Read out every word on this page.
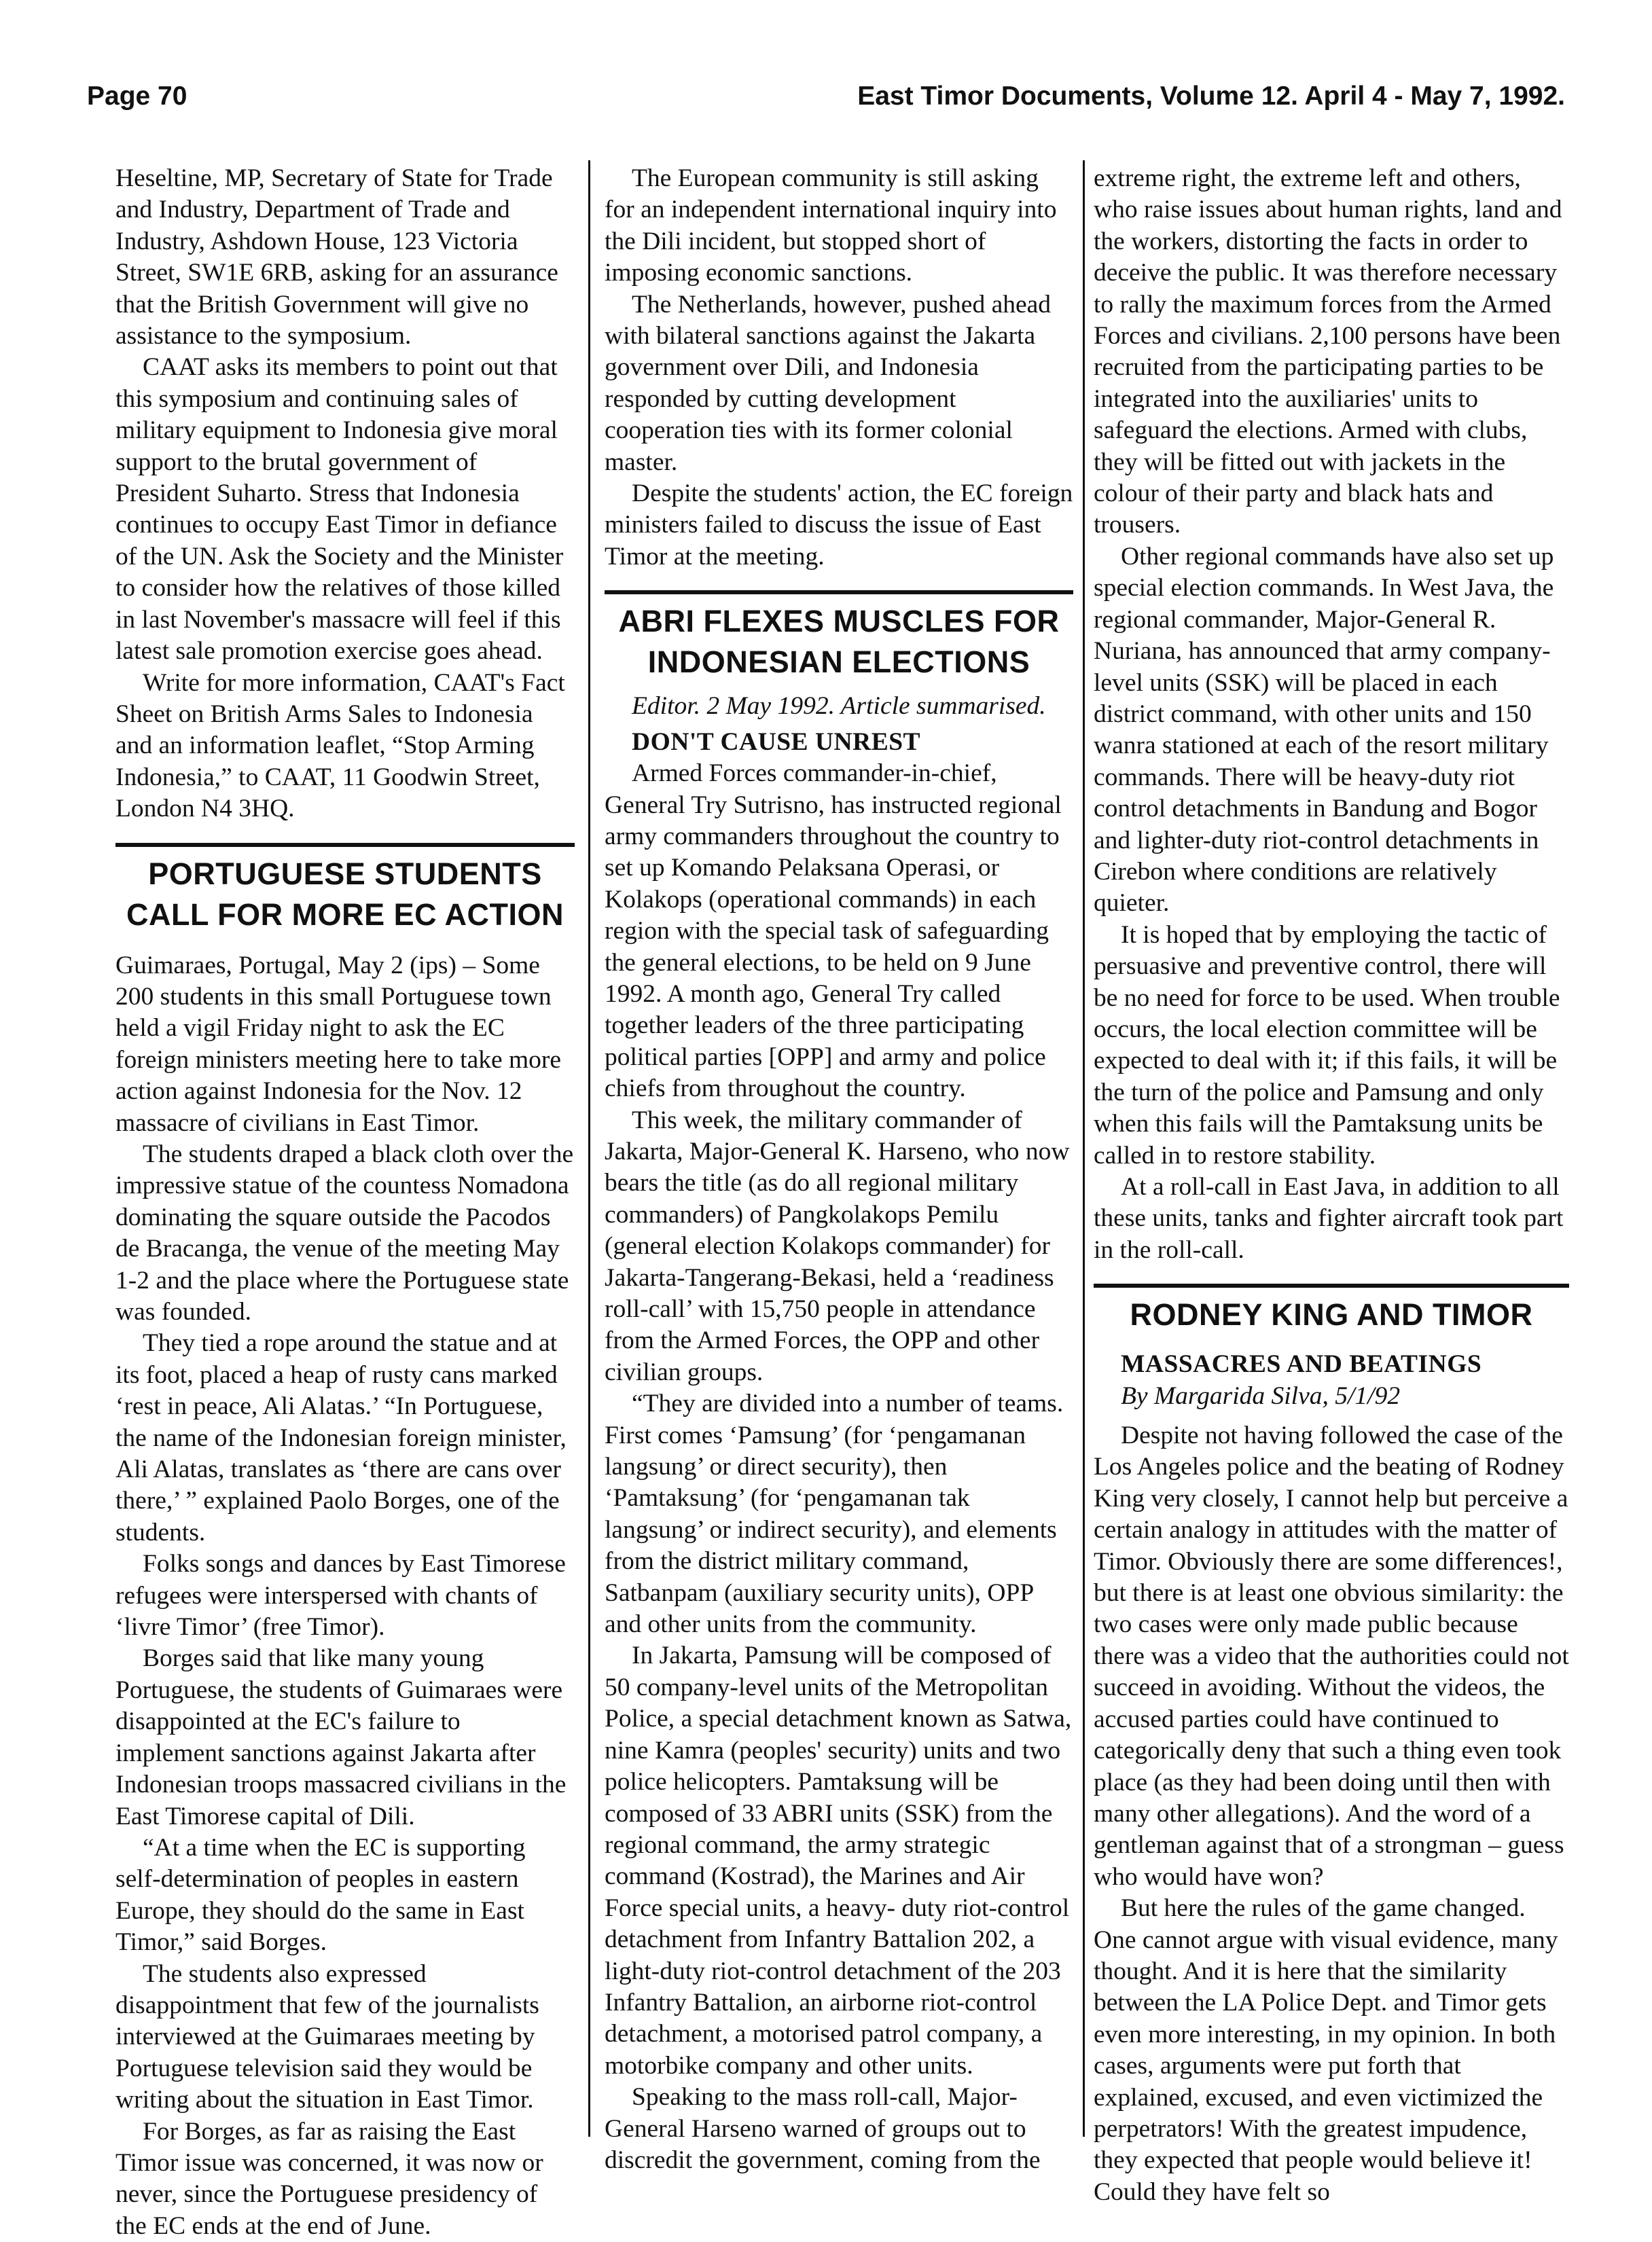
Page 70	East Timor Documents, Volume 12. April 4 - May 7, 1992.

Heseltine, MP, Secretary of State for Trade and Industry, Department of Trade and Industry, Ashdown House, 123 Victoria Street, SW1E 6RB, asking for an assurance that the British Government will give no assistance to the symposium.

CAAT asks its members to point out that this symposium and continuing sales of military equipment to Indonesia give moral support to the brutal government of President Suharto. Stress that Indonesia continues to occupy East Timor in defiance of the UN. Ask the Society and the Minister to consider how the relatives of those killed in last November's massacre will feel if this latest sale promotion exercise goes ahead.

Write for more information, CAAT's Fact Sheet on British Arms Sales to Indonesia and an information leaflet, “Stop Arming Indonesia,” to CAAT, 11 Goodwin Street, London N4 3HQ.

PORTUGUESE STUDENTS CALL FOR MORE EC ACTION

Guimaraes, Portugal, May 2 (ips) – Some 200 students in this small Portuguese town held a vigil Friday night to ask the EC foreign ministers meeting here to take more action against Indonesia for the Nov. 12 massacre of civilians in East Timor.

The students draped a black cloth over the impressive statue of the countess Nomadona dominating the square outside the Pacodos de Bracanga, the venue of the meeting May 1-2 and the place where the Portuguese state was founded.

They tied a rope around the statue and at its foot, placed a heap of rusty cans marked ‘rest in peace, Ali Alatas.’ “In Portuguese, the name of the Indonesian foreign minister, Ali Alatas, translates as ‘there are cans over there,’ ” explained Paolo Borges, one of the students.

Folks songs and dances by East Timorese refugees were interspersed with chants of ‘livre Timor’ (free Timor).

Borges said that like many young Portuguese, the students of Guimaraes were disappointed at the EC's failure to implement sanctions against Jakarta after Indonesian troops massacred civilians in the East Timorese capital of Dili.

“At a time when the EC is supporting self-determination of peoples in eastern Europe, they should do the same in East Timor,” said Borges.

The students also expressed disappointment that few of the journalists interviewed at the Guimaraes meeting by Portuguese television said they would be writing about the situation in East Timor.

For Borges, as far as raising the East Timor issue was concerned, it was now or never, since the Portuguese presidency of the EC ends at the end of June.

The European community is still asking for an independent international inquiry into the Dili incident, but stopped short of imposing economic sanctions.

The Netherlands, however, pushed ahead with bilateral sanctions against the Jakarta government over Dili, and Indonesia responded by cutting development cooperation ties with its former colonial master.

Despite the students' action, the EC foreign ministers failed to discuss the issue of East Timor at the meeting.

ABRI FLEXES MUSCLES FOR INDONESIAN ELECTIONS

Editor. 2 May 1992. Article summarised.

DON'T CAUSE UNREST

Armed Forces commander-in-chief, General Try Sutrisno, has instructed regional army commanders throughout the country to set up Komando Pelaksana Operasi, or Kolakops (operational commands) in each region with the special task of safeguarding the general elections, to be held on 9 June 1992. A month ago, General Try called together leaders of the three participating political parties [OPP] and army and police chiefs from throughout the country.

This week, the military commander of Jakarta, Major-General K. Harseno, who now bears the title (as do all regional military commanders) of Pangkolakops Pemilu (general election Kolakops commander) for Jakarta-Tangerang-Bekasi, held a ‘readiness roll-call’ with 15,750 people in attendance from the Armed Forces, the OPP and other civilian groups.

“They are divided into a number of teams. First comes ‘Pamsung’ (for ‘pengamanan langsung’ or direct security), then ‘Pamtaksung’ (for ‘pengamanan tak langsung’ or indirect security), and elements from the district military command, Satbanpam (auxiliary security units), OPP and other units from the community.

In Jakarta, Pamsung will be composed of 50 company-level units of the Metropolitan Police, a special detachment known as Satwa, nine Kamra (peoples' security) units and two police helicopters. Pamtaksung will be composed of 33 ABRI units (SSK) from the regional command, the army strategic command (Kostrad), the Marines and Air Force special units, a heavy- duty riot-control detachment from Infantry Battalion 202, a light-duty riot-control detachment of the 203 Infantry Battalion, an airborne riot-control detachment, a motorised patrol company, a motorbike company and other units.

Speaking to the mass roll-call, Major-General Harseno warned of groups out to discredit the government, coming from the

extreme right, the extreme left and others, who raise issues about human rights, land and the workers, distorting the facts in order to deceive the public. It was therefore necessary to rally the maximum forces from the Armed Forces and civilians. 2,100 persons have been recruited from the participating parties to be integrated into the auxiliaries' units to safeguard the elections. Armed with clubs, they will be fitted out with jackets in the colour of their party and black hats and trousers.

Other regional commands have also set up special election commands. In West Java, the regional commander, Major-General R. Nuriana, has announced that army company-level units (SSK) will be placed in each district command, with other units and 150 wanra stationed at each of the resort military commands. There will be heavy-duty riot control detachments in Bandung and Bogor and lighter-duty riot-control detachments in Cirebon where conditions are relatively quieter.

It is hoped that by employing the tactic of persuasive and preventive control, there will be no need for force to be used. When trouble occurs, the local election committee will be expected to deal with it; if this fails, it will be the turn of the police and Pamsung and only when this fails will the Pamtaksung units be called in to restore stability.

At a roll-call in East Java, in addition to all these units, tanks and fighter aircraft took part in the roll-call.

RODNEY KING AND TIMOR

MASSACRES AND BEATINGS

By Margarida Silva, 5/1/92

Despite not having followed the case of the Los Angeles police and the beating of Rodney King very closely, I cannot help but perceive a certain analogy in attitudes with the matter of Timor. Obviously there are some differences!, but there is at least one obvious similarity: the two cases were only made public because there was a video that the authorities could not succeed in avoiding. Without the videos, the accused parties could have continued to categorically deny that such a thing even took place (as they had been doing until then with many other allegations). And the word of a gentleman against that of a strongman – guess who would have won?

But here the rules of the game changed. One cannot argue with visual evidence, many thought. And it is here that the similarity between the LA Police Dept. and Timor gets even more interesting, in my opinion. In both cases, arguments were put forth that explained, excused, and even victimized the perpetrators! With the greatest impudence, they expected that people would believe it! Could they have felt so
